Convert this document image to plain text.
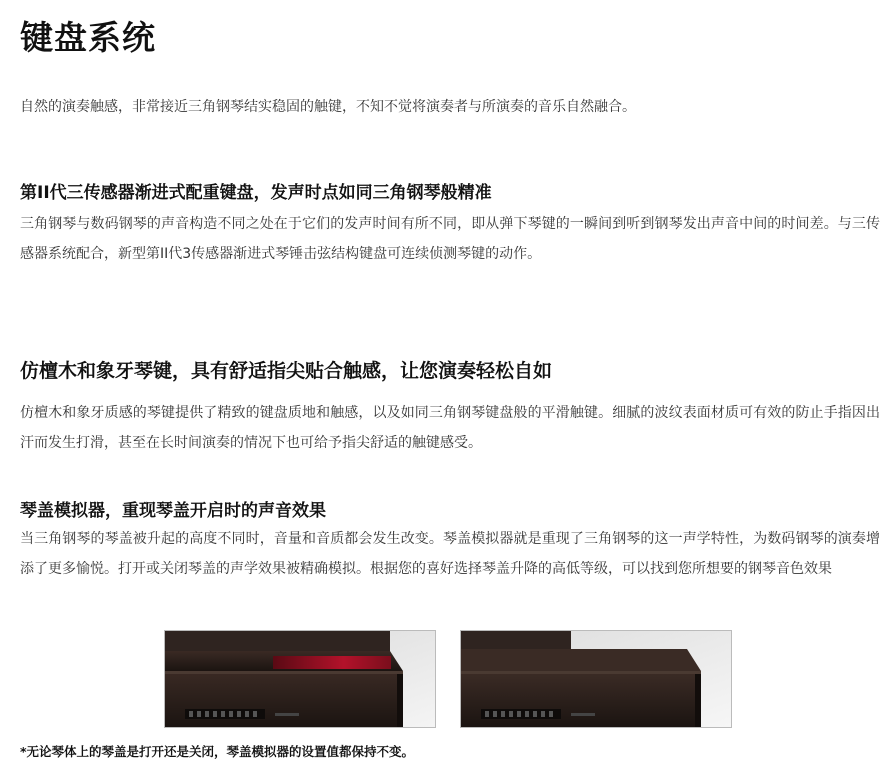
键盘系统
自然的演奏触感，非常接近三角钢琴结实稳固的触键，不知不觉将演奏者与所演奏的音乐自然融合。
第II代三传感器渐进式配重键盘，发声时点如同三角钢琴般精准
三角钢琴与数码钢琴的声音构造不同之处在于它们的发声时间有所不同，即从弹下琴键的一瞬间到听到钢琴发出声音中间的时间差。与三传感器系统配合，新型第II代3传感器渐进式琴锤击弦结构键盘可连续侦测琴键的动作。
仿檀木和象牙琴键，具有舒适指尖贴合触感，让您演奏轻松自如
仿檀木和象牙质感的琴键提供了精致的键盘质地和触感，以及如同三角钢琴键盘般的平滑触键。细腻的波纹表面材质可有效的防止手指因出汗而发生打滑，甚至在长时间演奏的情况下也可给予指尖舒适的触键感受。
琴盖模拟器，重现琴盖开启时的声音效果
当三角钢琴的琴盖被升起的高度不同时，音量和音质都会发生改变。琴盖模拟器就是重现了三角钢琴的这一声学特性，为数码钢琴的演奏增添了更多愉悦。打开或关闭琴盖的声学效果被精确模拟。根据您的喜好选择琴盖升降的高低等级，可以找到您所想要的钢琴音色效果
*无论琴体上的琴盖是打开还是关闭，琴盖模拟器的设置值都保持不变。
